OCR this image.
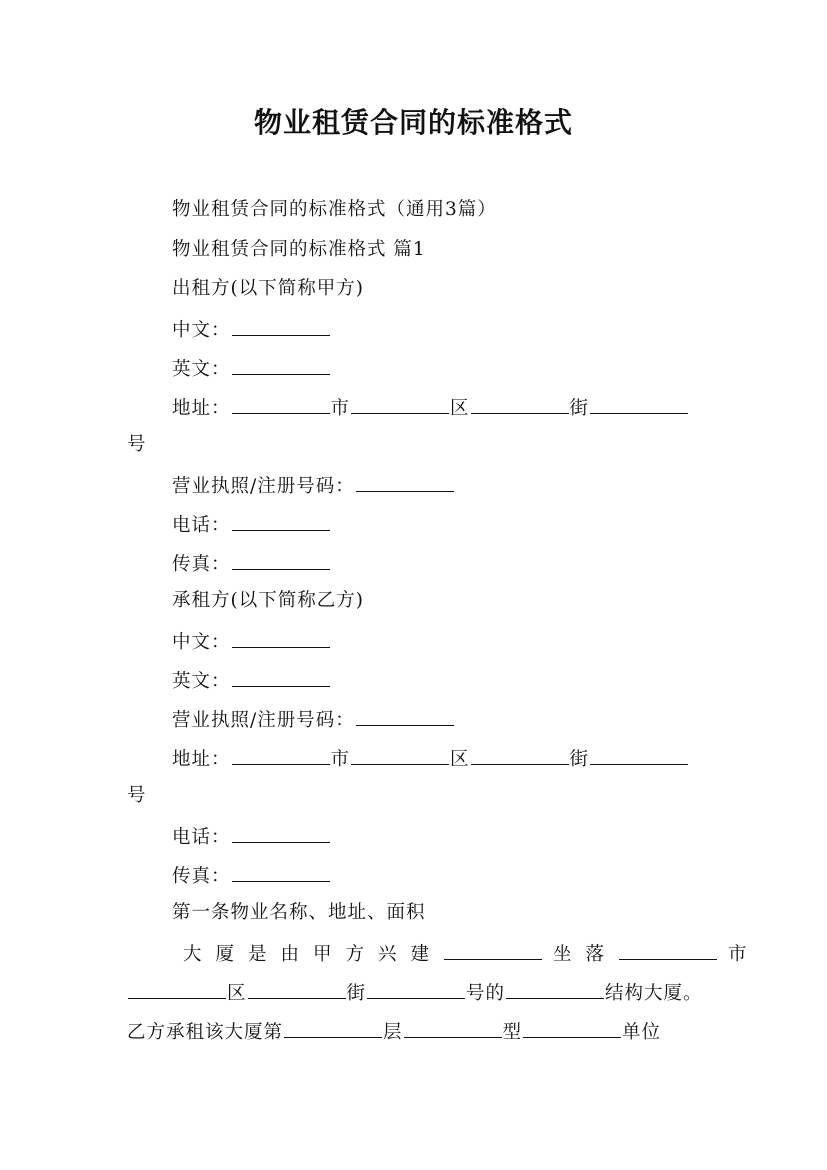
物业租赁合同的标准格式
物业租赁合同的标准格式（通用3篇）
物业租赁合同的标准格式 篇1
出租方(以下简称甲方)
中文：
英文：
地址：	市	区	街
号
营业执照/注册号码：
电话：
传真：
承租方(以下简称乙方)
中文：
英文：
营业执照/注册号码：
地址：	市	区	街
号
电话：
传真：
第一条物业名称、地址、面积
大厦是由甲方兴建	坐落	市
区	街	号的	结构大厦。
乙方承租该大厦第	层	型	单位
